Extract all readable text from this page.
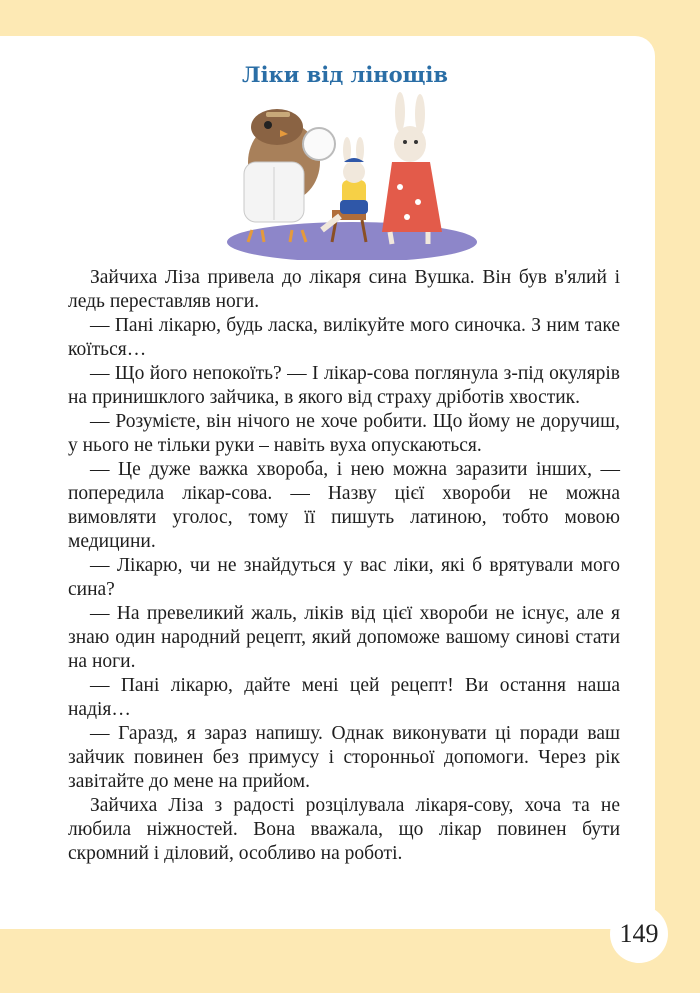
Ліки від лінощів

Зайчиха Ліза привела до лікаря сина Вушка. Він був в'ялий і ледь переставляв ноги.

— Пані лікарю, будь ласка, вилікуйте мого синочка. З ним таке коїться…

— Що його непокоїть? — І лікар-сова поглянула з-під окулярів на принишклого зайчика, в якого від страху дріботів хвостик.

— Розумієте, він нічого не хоче робити. Що йому не доручиш, у нього не тільки руки – навіть вуха опускаються.

— Це дуже важка хвороба, і нею можна заразити інших, — попередила лікар-сова. — Назву цієї хвороби не можна вимовляти уголос, тому її пишуть латиною, тобто мовою медицини.

— Лікарю, чи не знайдуться у вас ліки, які б врятували мого сина?

— На превеликий жаль, ліків від цієї хвороби не існує, але я знаю один народний рецепт, який допоможе вашому синові стати на ноги.

— Пані лікарю, дайте мені цей рецепт! Ви остання наша надія…

— Гаразд, я зараз напишу. Однак виконувати ці поради ваш зайчик повинен без примусу і сторонньої допомоги. Через рік завітайте до мене на прийом.

Зайчиха Ліза з радості розцілувала лікаря-сову, хоча та не любила ніжностей. Вона вважала, що лікар повинен бути скромний і діловий, особливо на роботі.

149
